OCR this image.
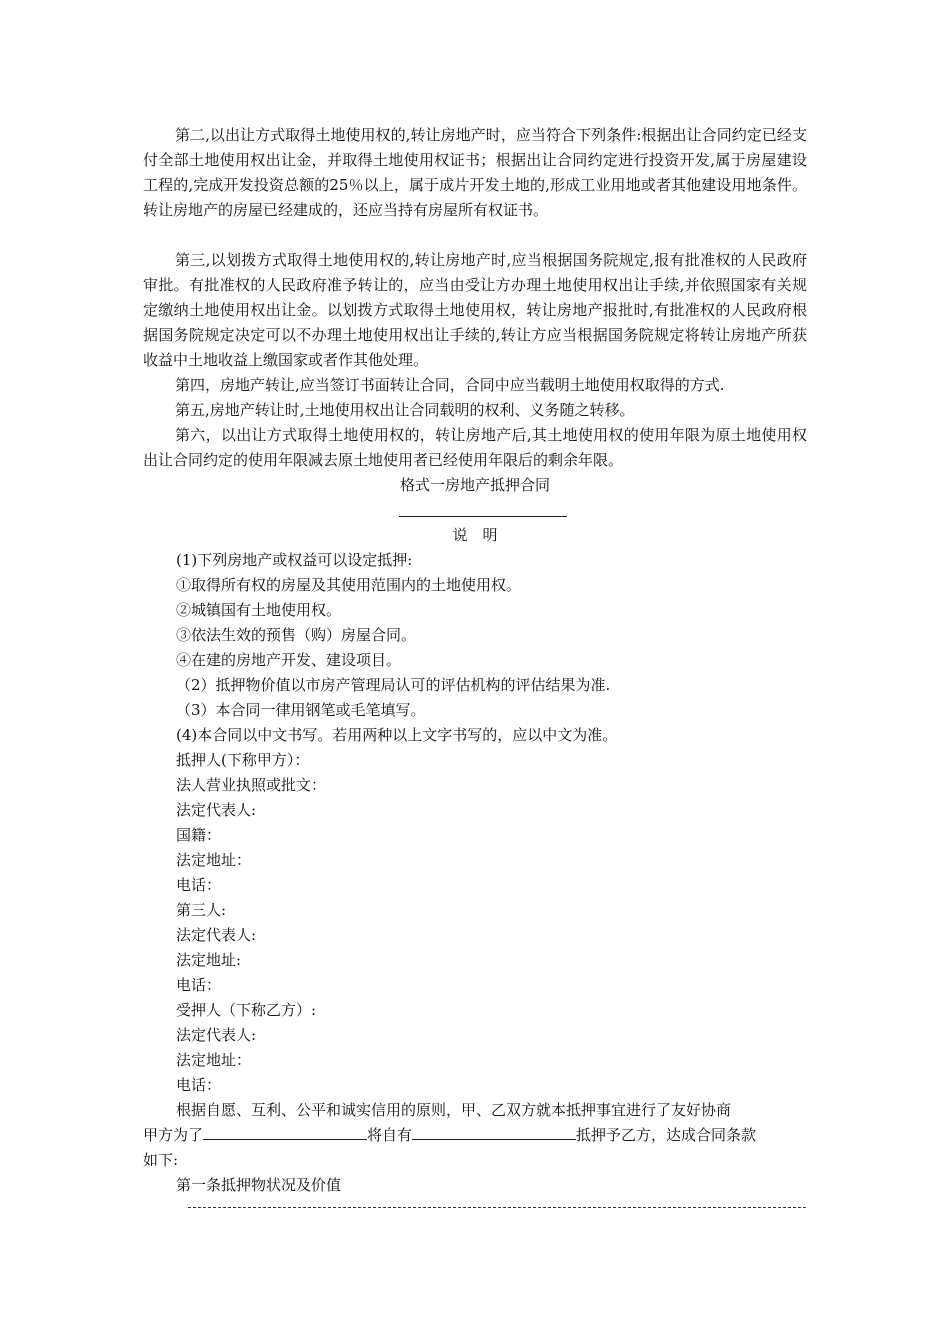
第二,以出让方式取得土地使用权的,转让房地产时，应当符合下列条件:根据出让合同约定已经支付全部土地使用权出让金，并取得土地使用权证书；根据出让合同约定进行投资开发,属于房屋建设工程的,完成开发投资总额的25％以上，属于成片开发土地的,形成工业用地或者其他建设用地条件。转让房地产的房屋已经建成的，还应当持有房屋所有权证书。

第三,以划拨方式取得土地使用权的,转让房地产时,应当根据国务院规定,报有批准权的人民政府审批。有批准权的人民政府准予转让的，应当由受让方办理土地使用权出让手续,并依照国家有关规定缴纳土地使用权出让金。以划拨方式取得土地使用权，转让房地产报批时,有批准权的人民政府根据国务院规定决定可以不办理土地使用权出让手续的,转让方应当根据国务院规定将转让房地产所获收益中土地收益上缴国家或者作其他处理。

第四，房地产转让,应当签订书面转让合同，合同中应当载明土地使用权取得的方式.

第五,房地产转让时,土地使用权出让合同载明的权利、义务随之转移。

第六，以出让方式取得土地使用权的，转让房地产后,其土地使用权的使用年限为原土地使用权出让合同约定的使用年限减去原土地使用者已经使用年限后的剩余年限。

格式一房地产抵押合同

说　明

(1)下列房地产或权益可以设定抵押:

①取得所有权的房屋及其使用范围内的土地使用权。

②城镇国有土地使用权。

③依法生效的预售（购）房屋合同。

④在建的房地产开发、建设项目。

（2）抵押物价值以市房产管理局认可的评估机构的评估结果为准.

（3）本合同一律用钢笔或毛笔填写。

(4)本合同以中文书写。若用两种以上文字书写的，应以中文为准。

抵押人(下称甲方）：

法人营业执照或批文：

法定代表人:

国籍：

法定地址：

电话：

第三人:

法定代表人:

法定地址:

电话：

受押人（下称乙方）:

法定代表人:

法定地址：

电话：

根据自愿、互利、公平和诚实信用的原则，甲、乙双方就本抵押事宜进行了友好协商

甲方为了	将自有	抵押予乙方，达成合同条款

如下:

第一条抵押物状况及价值
